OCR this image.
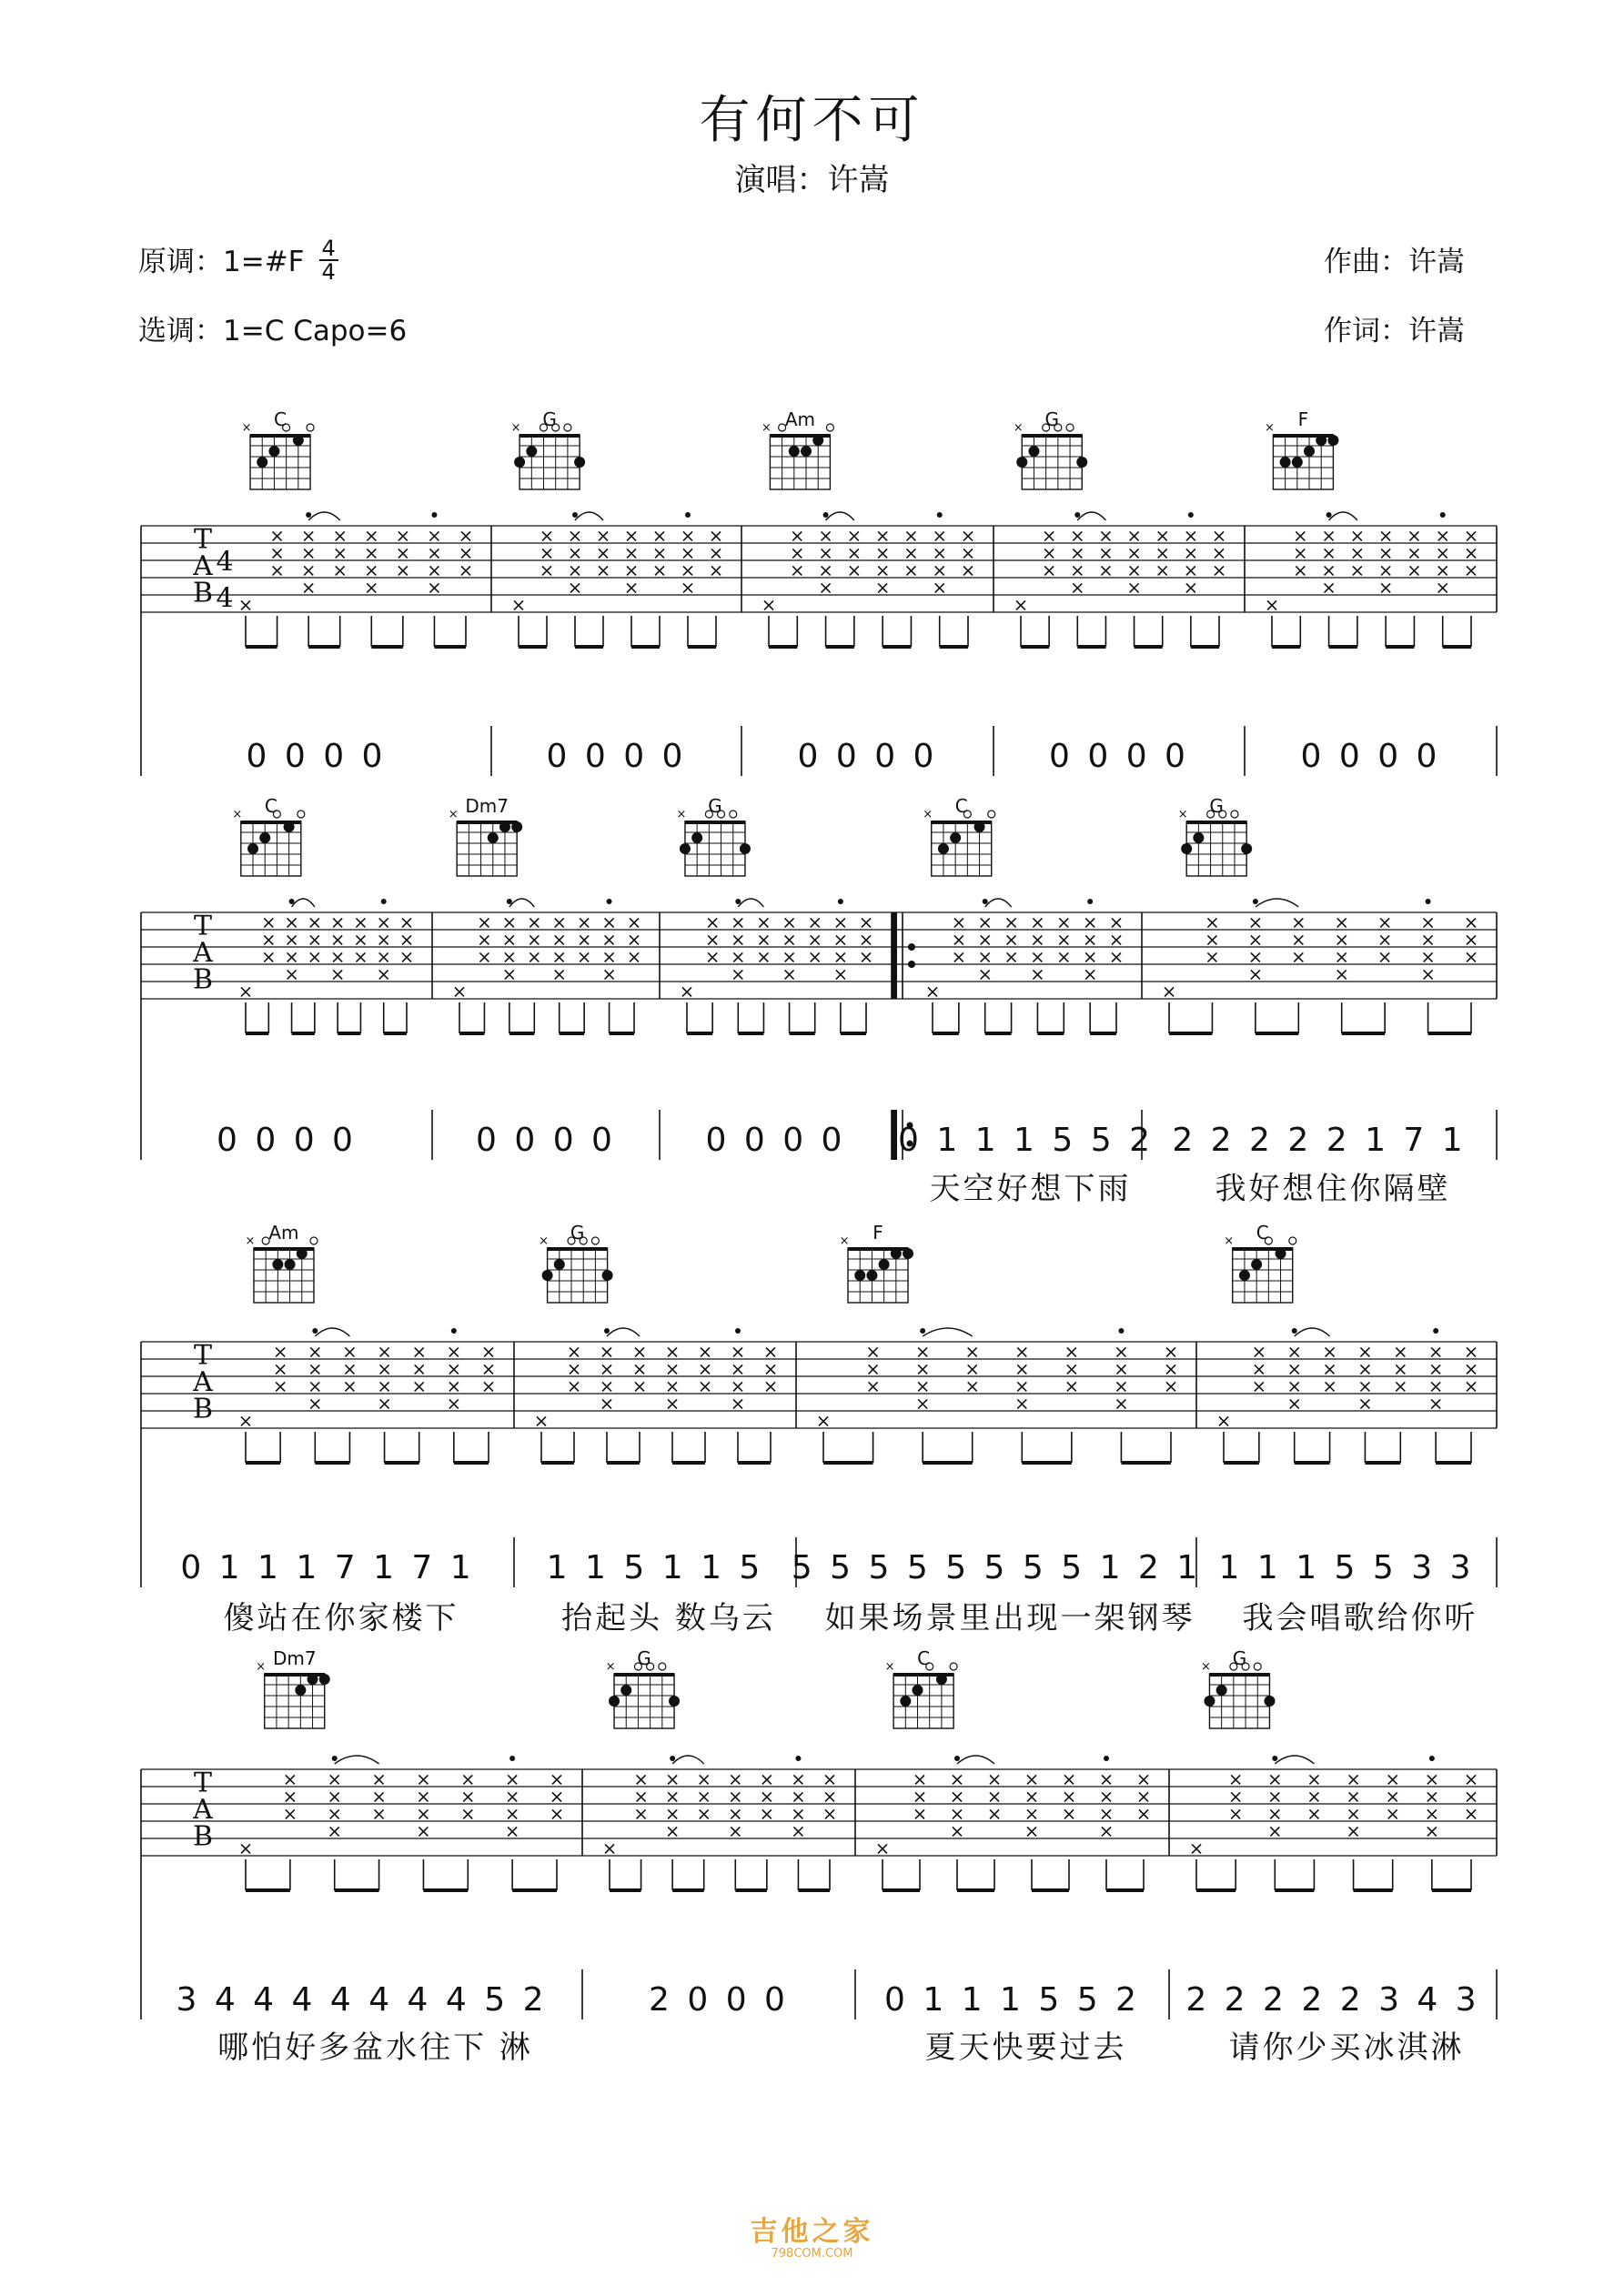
有何不可
演唱：许嵩
原调：1=#F $\frac{4}{4}$
选调：1=C Capo=6
作曲：许嵩
作词：许嵩
T
A
B
4
4
C
×
0 0 0 0
G
×
0 0 0 0
Am
×
0 0 0 0
G
×
0 0 0 0
F
×
0 0 0 0
T
A
B
C
×
0 0 0 0
Dm7
×
0 0 0 0
G
×
0 0 0 0
C
×
0 1 1 1 5 5 2
天空好想下雨
G
×
2 2 2 2 2 1 7 1
我好想住你隔壁
T
A
B
Am
×
0 1 1 1 7 1 7 1
傻站在你家楼下
G
×
1 1 5 1 1 5
抬起头 数乌云
F
×
5 5 5 5 5 5 5 5 1 2 1
如果场景里出现一架钢琴
C
×
1 1 1 5 5 3 3
我会唱歌给你听
T
A
B
Dm7
×
3 4 4 4 4 4 4 4 5 2
哪怕好多盆水往下 淋
G
×
2 0 0 0
C
×
0 1 1 1 5 5 2
夏天快要过去
G
×
2 2 2 2 2 3 4 3
请你少买冰淇淋
吉他之家
798COM.COM
